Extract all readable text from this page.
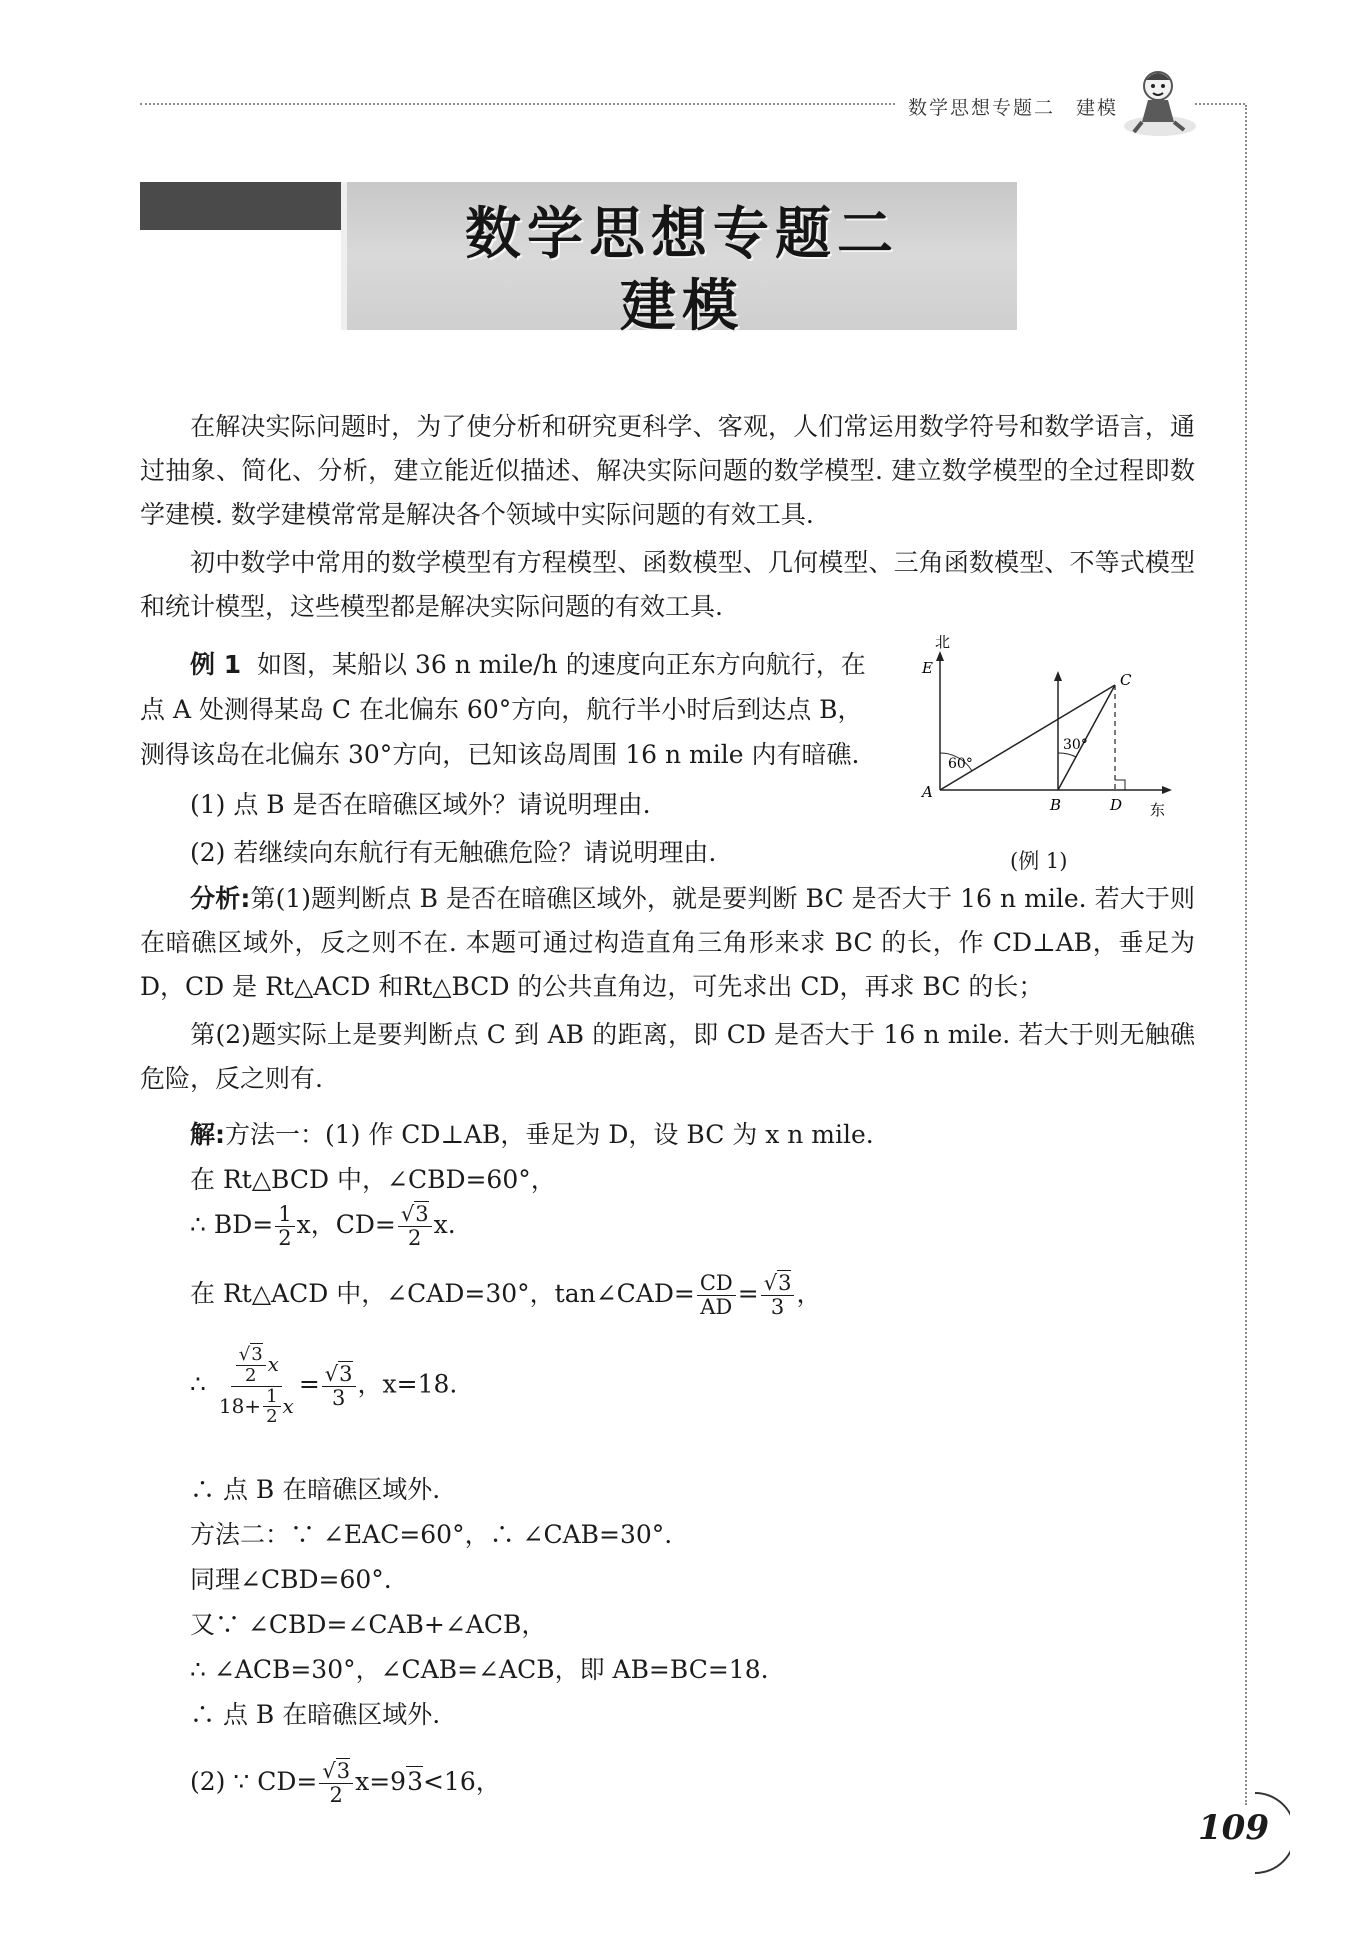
数学思想专题二　建模
数学思想专题二
建模
在解决实际问题时，为了使分析和研究更科学、客观，人们常运用数学符号和数学语言，通过抽象、简化、分析，建立能近似描述、解决实际问题的数学模型. 建立数学模型的全过程即数学建模. 数学建模常常是解决各个领域中实际问题的有效工具.
初中数学中常用的数学模型有方程模型、函数模型、几何模型、三角函数模型、不等式模型和统计模型，这些模型都是解决实际问题的有效工具.
例 1 如图，某船以 36 n mile/h 的速度向正东方向航行，在
点 A 处测得某岛 C 在北偏东 60°方向，航行半小时后到达点 B，
测得该岛在北偏东 30°方向，已知该岛周围 16 n mile 内有暗礁.
(1) 点 B 是否在暗礁区域外？请说明理由.
(2) 若继续向东航行有无触礁危险？请说明理由.
北
E
A
B
C
D 东
60°
30°
(例 1)
分析:第(1)题判断点 B 是否在暗礁区域外，就是要判断 BC 是否大于 16 n mile. 若大于则在暗礁区域外，反之则不在. 本题可通过构造直角三角形来求 BC 的长，作 CD⊥AB，垂足为 D，CD 是 Rt△ACD 和Rt△BCD 的公共直角边，可先求出 CD，再求 BC 的长；
第(2)题实际上是要判断点 C 到 AB 的距离，即 CD 是否大于 16 n mile. 若大于则无触礁危险，反之则有.
解:方法一：(1) 作 CD⊥AB，垂足为 D，设 BC 为 x n mile.
在 Rt△BCD 中，∠CBD=60°，
∴ $BD= \frac{1}{2}$ x，$CD= \frac{√3}{2} x$.
在 Rt△ACD 中，∠CAD=30°，tan∠CAD= $\frac{CD}{AD} = \frac{√3}{3}$ ，
∴ $\frac{\frac{√3}{2} x}{18+ \frac{1}{2} x} = \frac{√3}{3}$ ，x=18.
∴ 点 B 在暗礁区域外.
方法二：∵ ∠EAC=60°，∴ ∠CAB=30°.
同理∠CBD=60°.
又∵ ∠CBD=∠CAB+∠ACB，
∴ ∠ACB=30°，∠CAB=∠ACB，即 AB=BC=18.
∴ 点 B 在暗礁区域外.
(2) ∵ $CD= \frac{√3}{2} x=93<16$，
109
